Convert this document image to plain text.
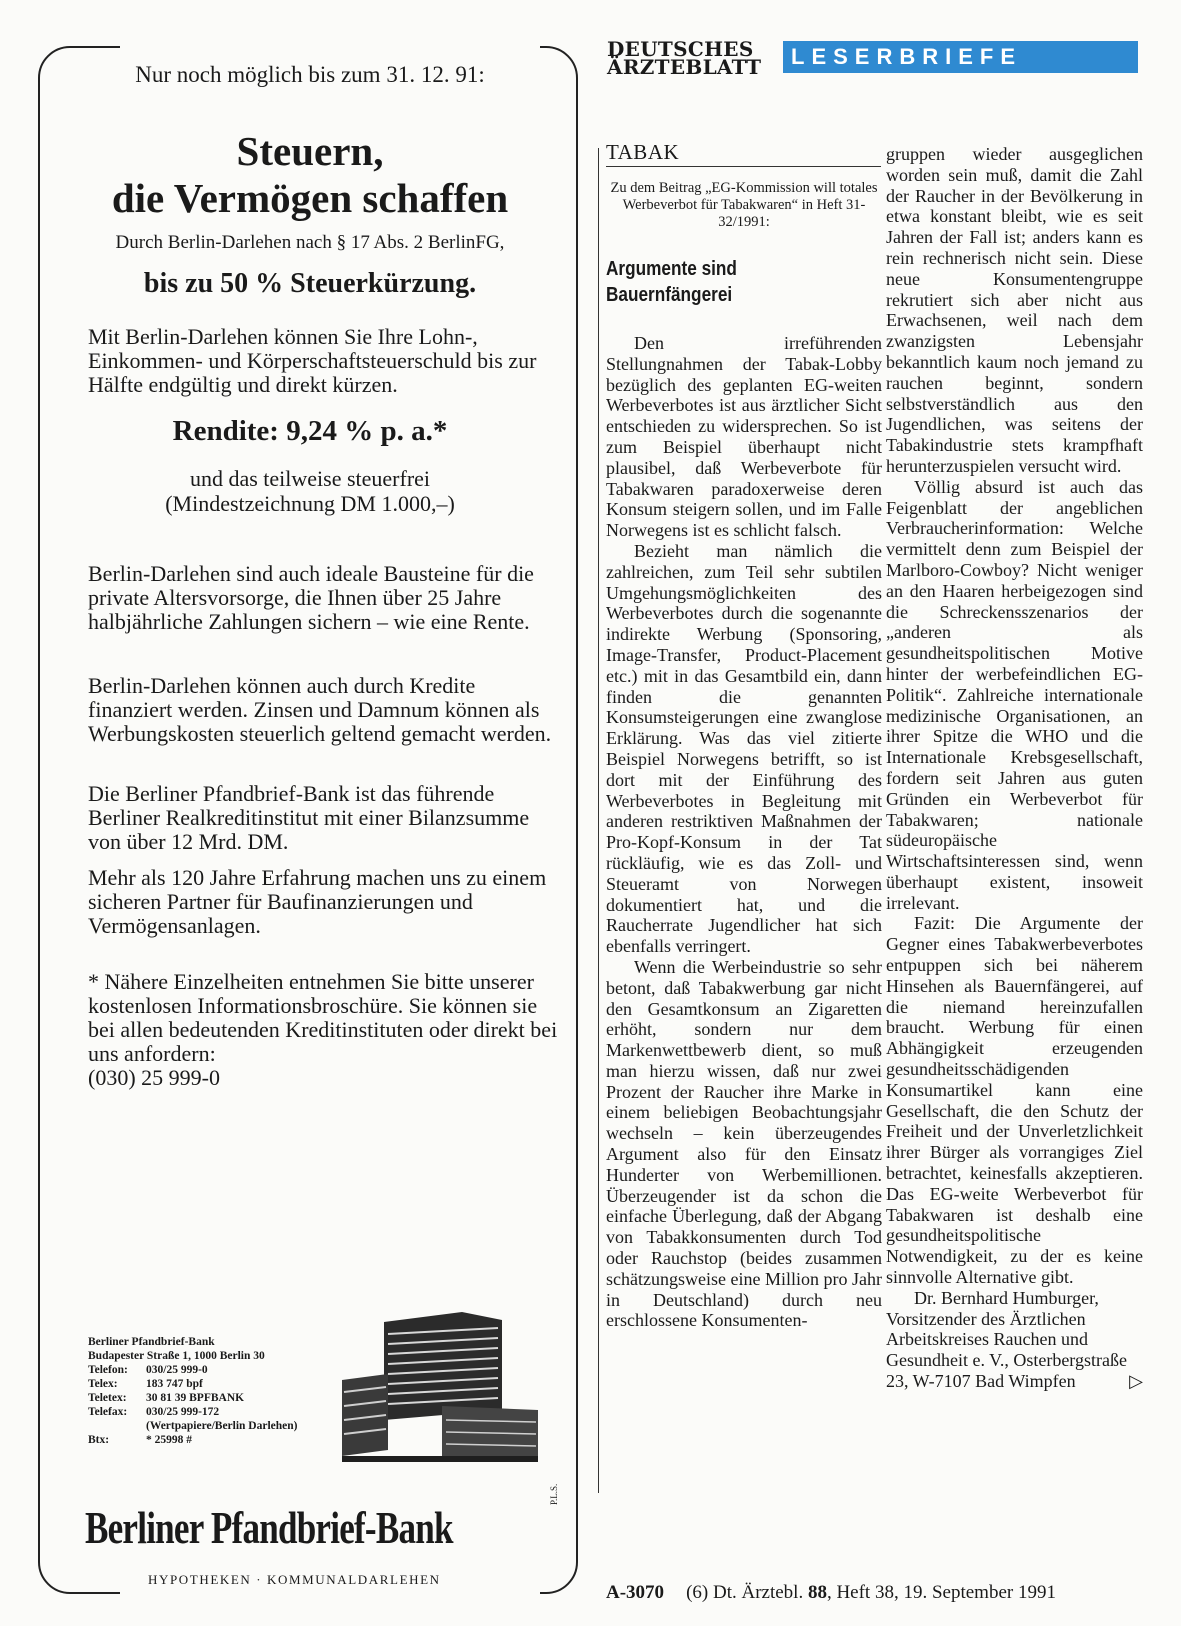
Nur noch möglich bis zum 31. 12. 91:
Steuern,
die Vermögen schaffen
Durch Berlin-Darlehen nach § 17 Abs. 2 BerlinFG,
bis zu 50 % Steuerkürzung.
Mit Berlin-Darlehen können Sie Ihre Lohn-, Einkommen- und Körperschaftsteuerschuld bis zur Hälfte endgültig und direkt kürzen.
Rendite: 9,24 % p. a.*
und das teilweise steuerfrei
(Mindestzeichnung DM 1.000,–)
Berlin-Darlehen sind auch ideale Bausteine für die private Altersvorsorge, die Ihnen über 25 Jahre halbjährliche Zahlungen sichern – wie eine Rente.
Berlin-Darlehen können auch durch Kredite finanziert werden. Zinsen und Damnum können als Werbungskosten steuerlich geltend gemacht werden.
Die Berliner Pfandbrief-Bank ist das führende Berliner Realkreditinstitut mit einer Bilanzsumme von über 12 Mrd. DM.
Mehr als 120 Jahre Erfahrung machen uns zu einem sicheren Partner für Baufinanzierungen und Vermögensanlagen.
* Nähere Einzelheiten entnehmen Sie bitte unserer kostenlosen Informationsbroschüre. Sie können sie bei allen bedeutenden Kreditinstituten oder direkt bei uns anfordern:
(030) 25 999-0
Berliner Pfandbrief-Bank
Budapester Straße 1, 1000 Berlin 30
Telefon:	030/25 999-0
Telex:	183 747 bpf
Teletex:	30 81 39 BPFBANK
Telefax:	030/25 999-172
	(Wertpapiere/Berlin Darlehen)
Btx:	* 25998 #
Berliner Pfandbrief-Bank
HYPOTHEKEN · KOMMUNALDARLEHEN
P.L.S.
DEUTSCHES
ÄRZTEBLATT	LESERBRIEFE
TABAK
Zu dem Beitrag „EG-Kommission will totales Werbeverbot für Tabakwaren“ in Heft 31-32/1991:
Argumente sind
Bauernfängerei

Den irreführenden Stellungnahmen der Tabak-Lobby bezüglich des geplanten EG-weiten Werbeverbotes ist aus ärztlicher Sicht entschieden zu widersprechen. So ist zum Beispiel überhaupt nicht plausibel, daß Werbeverbote für Tabakwaren paradoxerweise deren Konsum steigern sollen, und im Falle Norwegens ist es schlicht falsch.

Bezieht man nämlich die zahlreichen, zum Teil sehr subtilen Umgehungsmöglichkeiten des Werbeverbotes durch die sogenannte indirekte Werbung (Sponsoring, Image-Transfer, Product-Placement etc.) mit in das Gesamtbild ein, dann finden die genannten Konsumsteigerungen eine zwanglose Erklärung. Was das viel zitierte Beispiel Norwegens betrifft, so ist dort mit der Einführung des Werbeverbotes in Begleitung mit anderen restriktiven Maßnahmen der Pro-Kopf-Konsum in der Tat rückläufig, wie es das Zoll- und Steueramt von Norwegen dokumentiert hat, und die Raucherrate Jugendlicher hat sich ebenfalls verringert.

Wenn die Werbeindustrie so sehr betont, daß Tabakwerbung gar nicht den Gesamtkonsum an Zigaretten erhöht, sondern nur dem Markenwettbewerb dient, so muß man hierzu wissen, daß nur zwei Prozent der Raucher ihre Marke in einem beliebigen Beobachtungsjahr wechseln – kein überzeugendes Argument also für den Einsatz Hunderter von Werbemillionen. Überzeugender ist da schon die einfache Überlegung, daß der Abgang von Tabakkonsumenten durch Tod oder Rauchstop (beides zusammen schätzungsweise eine Million pro Jahr in Deutschland) durch neu erschlossene Konsumenten-

gruppen wieder ausgeglichen worden sein muß, damit die Zahl der Raucher in der Bevölkerung in etwa konstant bleibt, wie es seit Jahren der Fall ist; anders kann es rein rechnerisch nicht sein. Diese neue Konsumentengruppe rekrutiert sich aber nicht aus Erwachsenen, weil nach dem zwanzigsten Lebensjahr bekanntlich kaum noch jemand zu rauchen beginnt, sondern selbstverständlich aus den Jugendlichen, was seitens der Tabakindustrie stets krampfhaft herunterzuspielen versucht wird.

Völlig absurd ist auch das Feigenblatt der angeblichen Verbraucherinformation: Welche vermittelt denn zum Beispiel der Marlboro-Cowboy? Nicht weniger an den Haaren herbeigezogen sind die Schreckensszenarios der „anderen als gesundheitspolitischen Motive hinter der werbefeindlichen EG-Politik“. Zahlreiche internationale medizinische Organisationen, an ihrer Spitze die WHO und die Internationale Krebsgesellschaft, fordern seit Jahren aus guten Gründen ein Werbeverbot für Tabakwaren; nationale südeuropäische Wirtschaftsinteressen sind, wenn überhaupt existent, insoweit irrelevant.

Fazit: Die Argumente der Gegner eines Tabakwerbeverbotes entpuppen sich bei näherem Hinsehen als Bauernfängerei, auf die niemand hereinzufallen braucht. Werbung für einen Abhängigkeit erzeugenden gesundheitsschädigenden Konsumartikel kann eine Gesellschaft, die den Schutz der Freiheit und der Unverletzlichkeit ihrer Bürger als vorrangiges Ziel betrachtet, keinesfalls akzeptieren. Das EG-weite Werbeverbot für Tabakwaren ist deshalb eine gesundheitspolitische Notwendigkeit, zu der es keine sinnvolle Alternative gibt.

Dr. Bernhard Humburger, Vorsitzender des Ärztlichen Arbeitskreises Rauchen und Gesundheit e. V., Osterbergstraße 23, W-7107 Bad Wimpfen	▷

A-3070 (6) Dt. Ärztebl. 88, Heft 38, 19. September 1991
